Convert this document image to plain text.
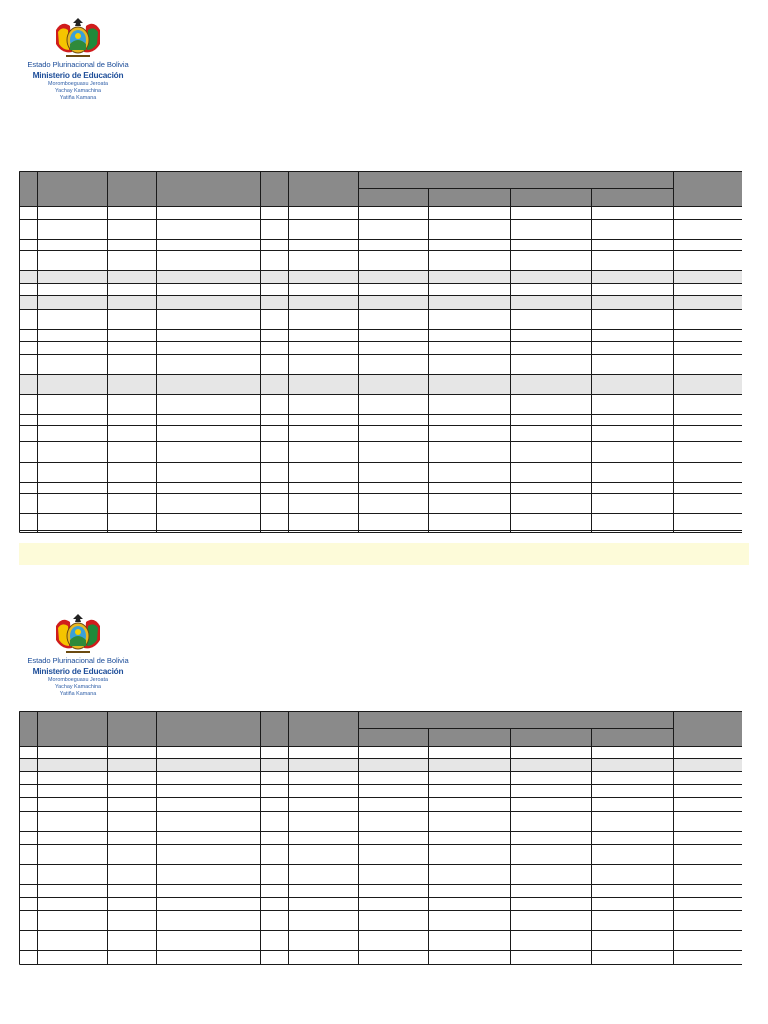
Estado Plurinacional de Bolivia
Ministerio de Educación
Moromboeguasu Jeroata
Yachay Kamachina
Yatiña Kamana
Estado Plurinacional de Bolivia
Ministerio de Educación
Moromboeguasu Jeroata
Yachay Kamachina
Yatiña Kamana
